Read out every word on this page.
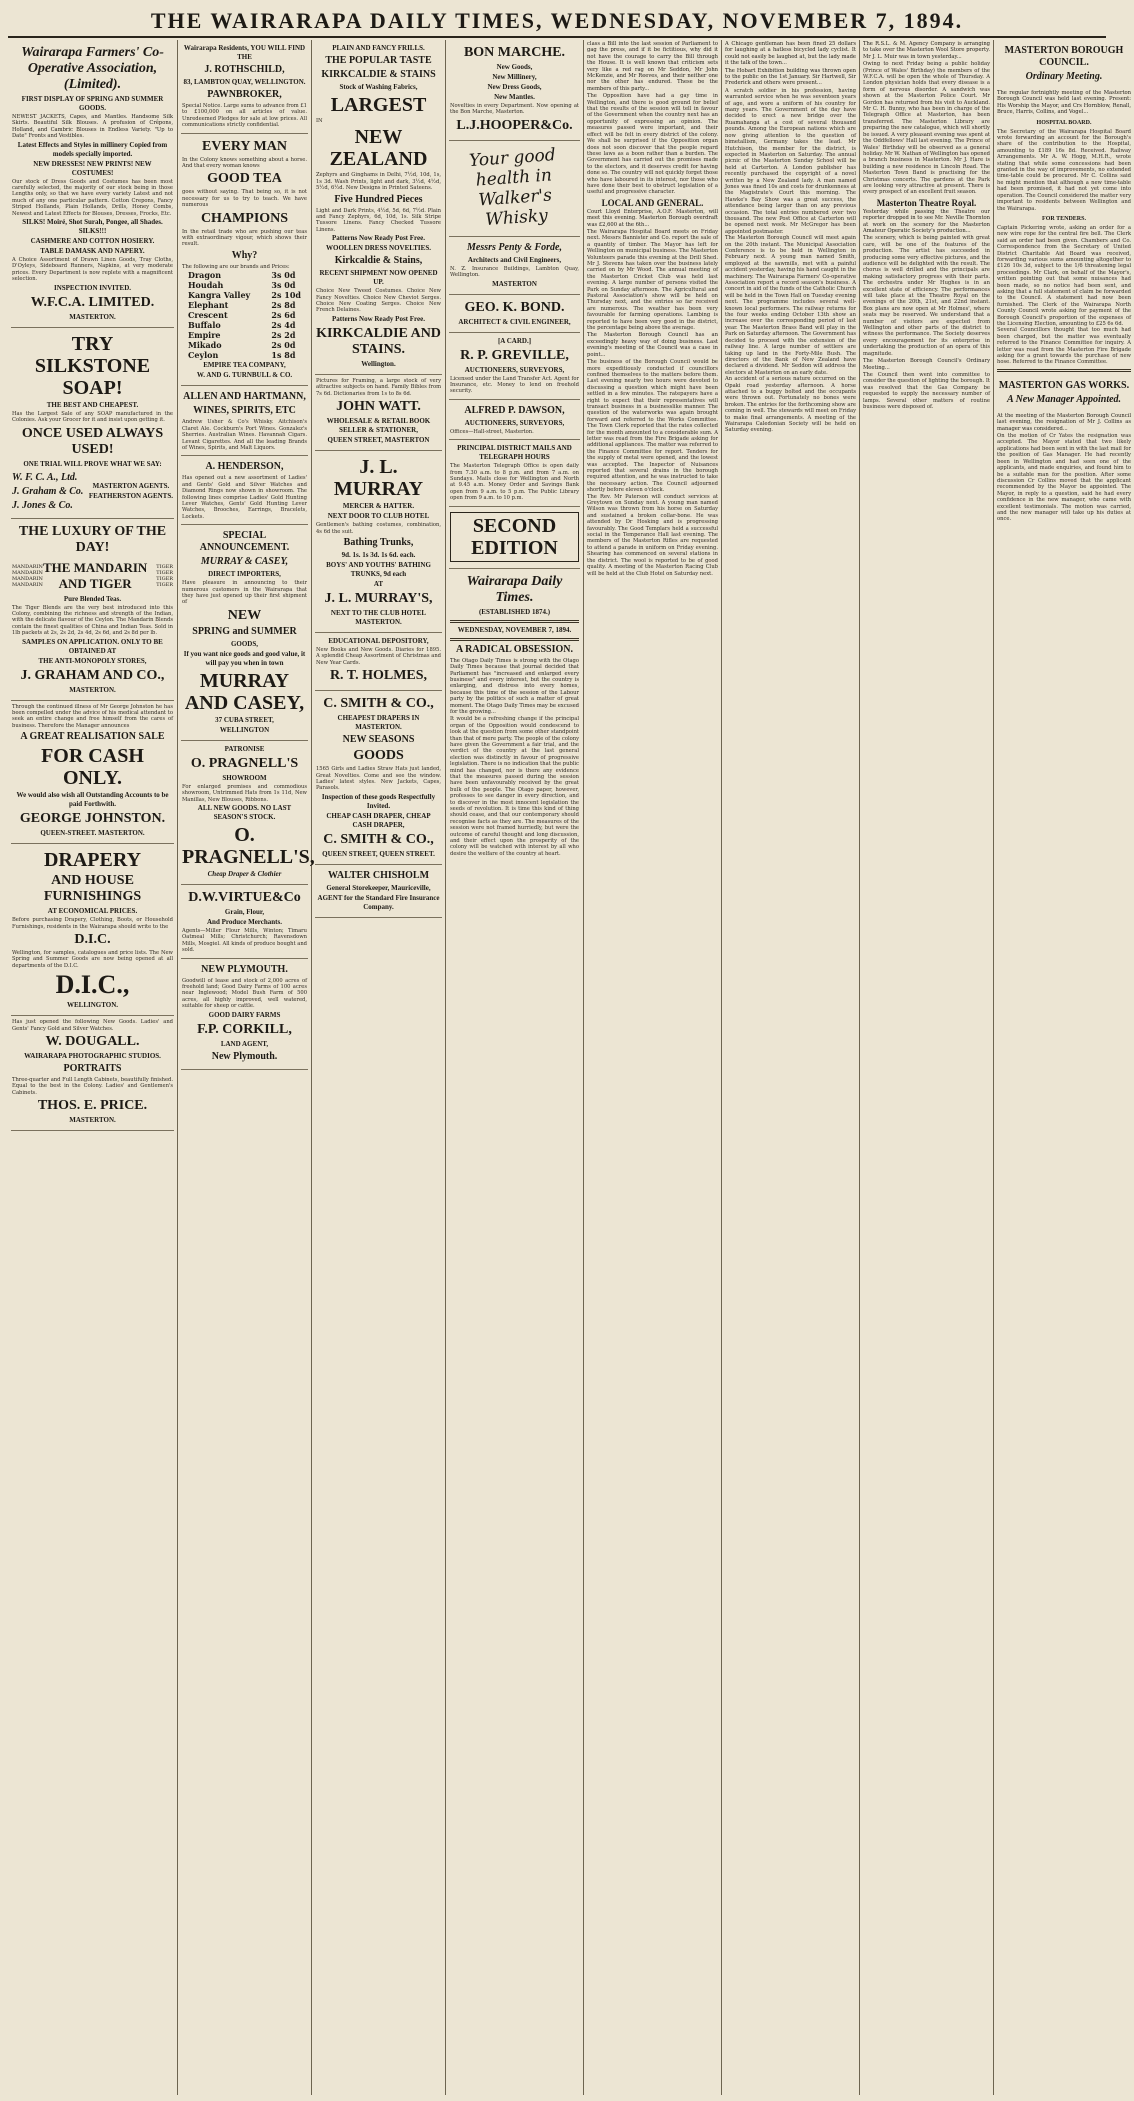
THE WAIRARAPA DAILY TIMES, WEDNESDAY, NOVEMBER 7, 1894.
Wairarapa Farmers' Co-Operative Association, (Limited).
FIRST DISPLAY OF SPRING AND SUMMER GOODS.
NEWEST JACKETS, Capes, and Mantles. Handsome Silk Skirts. Beautiful Silk Blouses. A profusion of Crêpons, Holland, and Cambric Blouses in Endless Variety. "Up to Date" Fronts and Vestibles.
Latest Effects and Styles in millinery Copied from models specially imported.
NEW DRESSES! NEW PRINTS! NEW COSTUMES!
Our stock of Dress Goods and Costumes has been most carefully selected, the majority of our stock being in those Lengths only, so that we have every variety Latest and not much of any one particular pattern. Cotton Crepons, Fancy Striped Hollands, Plain Hollands, Drills, Honey Combs, Newest and Latest Effects for Blouses, Dresses, Frocks, Etc.
SILKS! Moiré, Shot Surah, Pongee, all Shades. SILKS!!!
CASHMERE AND COTTON HOSIERY.
TABLE DAMASK AND NAPERY.
A Choice Assortment of Drawn Linen Goods, Tray Cloths, D'Oyleys, Sideboard Runners, Napkins, at very moderate prices. Every Department is now replete with a magnificent selection.
INSPECTION INVITED.
W.F.C.A. LIMITED.
MASTERTON.
TRY SILKSTONE SOAP!
THE BEST AND CHEAPEST.
Has the Largest Sale of any SOAP manufactured in the Colonies. Ask your Grocer for it and insist upon getting it.
ONCE USED ALWAYS USED!
ONE TRIAL WILL PROVE WHAT WE SAY:
W. F. C. A., Ltd.
J. Graham & Co.
J. Jones & Co.
MASTERTON AGENTS.
FEATHERSTON AGENTS.
THE LUXURY OF THE DAY!
MANDARIN
MANDARIN
MANDARIN
MANDARIN
THE MANDARIN AND TIGER
TIGER
TIGER
TIGER
TIGER
Pure Blended Teas.
The Tiger Blends are the very best introduced into this Colony, combining the richness and strength of the Indian, with the delicate flavour of the Ceylon. The Mandarin Blends contain the finest qualities of China and Indian Teas. Sold in 1lb packets at 2s, 2s 2d, 2s 4d, 2s 6d, and 2s 8d per lb.
SAMPLES ON APPLICATION. ONLY TO BE OBTAINED AT
THE ANTI-MONOPOLY STORES,
J. GRAHAM AND CO.,
MASTERTON.
Through the continued illness of Mr George Johnston he has been compelled under the advice of his medical attendant to seek an entire change and free himself from the cares of business. Therefore the Manager announces
A GREAT REALISATION SALE
FOR CASH ONLY.
We would also wish all Outstanding Accounts to be paid Forthwith.
GEORGE JOHNSTON.
QUEEN-STREET. MASTERTON.
DRAPERY
AND HOUSE FURNISHINGS
AT ECONOMICAL PRICES.
Before purchasing Drapery, Clothing, Boots, or Household Furnishings, residents in the Wairarapa should write to the
D.I.C.
Wellington, for samples, catalogues and price lists. The New Spring and Summer Goods are now being opened at all departments of the D.I.C.
D.I.C.,
WELLINGTON.
Has just opened the following New Goods. Ladies' and Gents' Fancy Gold and Silver Watches.
W. DOUGALL.
WAIRARAPA PHOTOGRAPHIC STUDIOS.
PORTRAITS
Three-quarter and Full Length Cabinets, beautifully finished. Equal to the best in the Colony. Ladies' and Gentlemen's Cabinets.
THOS. E. PRICE.
MASTERTON.
Wairarapa Residents, YOU WILL FIND THE
J. ROTHSCHILD,
83, LAMBTON QUAY, WELLINGTON.
PAWNBROKER,
Special Notice. Large sums to advance from £1 to £100,000 on all articles of value. Unredeemed Pledges for sale at low prices. All communications strictly confidential.
EVERY MAN
In the Colony knows something about a horse. And that every woman knows
GOOD TEA
goes without saying. That being so, it is not necessary for us to try to teach. We have numerous
CHAMPIONS
In the retail trade who are pushing our teas with extraordinary vigour, which shows their result.
Why?
The following are our brands and Prices:
Dragon	3s 0d
Houdah	3s 0d
Kangra Valley	2s 10d
Elephant	2s 8d
Crescent	2s 6d
Buffalo	2s 4d
Empire	2s 2d
Mikado	2s 0d
Ceylon	1s 8d
EMPIRE TEA COMPANY,
W. AND G. TURNBULL & CO.
ALLEN AND HARTMANN,
WINES, SPIRITS, ETC
Andrew Usher & Co's Whisky. Aitchison's Claret Ale. Cockburn's Port Wines. Gonzalez's Sherries. Australian Wines. Havannah Cigars. Levant Cigarettes. And all the leading Brands of Wines, Spirits, and Malt Liquors.
A. HENDERSON,
Has opened out a new assortment of Ladies' and Gents' Gold and Silver Watches and Diamond Rings now shown in showroom. The following lines comprise Ladies' Gold Hunting Lever Watches, Gents' Gold Hunting Lever Watches, Brooches, Earrings, Bracelets, Lockets.
SPECIAL ANNOUNCEMENT.
MURRAY & CASEY,
DIRECT IMPORTERS,
Have pleasure in announcing to their numerous customers in the Wairarapa that they have just opened up their first shipment of
NEW
SPRING and SUMMER
GOODS,
If you want nice goods and good value, it will pay you when in town
MURRAY AND CASEY,
37 CUBA STREET,
WELLINGTON
PATRONISE
O. PRAGNELL'S
SHOWROOM
For enlarged premises and commodious showroom, Untrimmed Hats from 1s 11d, New Manillas, New Blouses, Ribbons.
ALL NEW GOODS. NO LAST SEASON'S STOCK.
O. PRAGNELL'S,
Cheap Draper & Clothier
D.W.VIRTUE&Co
Grain, Flour,
And Produce Merchants.
Agents—Miller Flour Mills, Winton; Timaru Oatmeal Mills; Christchurch; Ravensdown Mills, Mosgiel. All kinds of produce bought and sold.
NEW PLYMOUTH.
Goodwill of lease and stock of 2,000 acres of freehold land; Good Dairy Farms of 100 acres near Inglewood; Model Bush Farm of 500 acres, all highly improved, well watered, suitable for sheep or cattle.
GOOD DAIRY FARMS
F.P. CORKILL,
LAND AGENT,
New Plymouth.
PLAIN AND FANCY FRILLS.
THE POPULAR TASTE
KIRKCALDIE & STAINS
Stock of Washing Fabrics,
LARGEST
IN
NEW ZEALAND
Zephyrs and Ginghams in Delhi, 7½d, 10d, 1s, 1s 3d. Wash Prints, light and dark, 3½d, 4½d, 5½d, 6½d. New Designs in Printed Sateens.
Five Hundred Pieces
Light and Dark Prints, 4½d, 5d, 6d, 7½d. Plain and Fancy Zephyrs, 6d, 10d, 1s. Silk Stripe Tussore Linens. Fancy Checked Tussore Linens.
Patterns Now Ready Post Free.
WOOLLEN DRESS NOVELTIES.
Kirkcaldie & Stains,
RECENT SHIPMENT NOW OPENED UP.
Choice New Tweed Costumes. Choice New Fancy Novelties. Choice New Cheviot Serges. Choice New Coating Serges. Choice New French Delaines.
Patterns Now Ready Post Free.
KIRKCALDIE AND STAINS.
Wellington.
Pictures for Framing, a large stock of very attractive subjects on hand. Family Bibles from 7s 6d. Dictionaries from 1s to 8s 6d.
JOHN WATT.
WHOLESALE & RETAIL BOOK SELLER & STATIONER,
QUEEN STREET, MASTERTON
J. L. MURRAY
MERCER & HATTER.
NEXT DOOR TO CLUB HOTEL
Gentlemen's bathing costumes, combination, 4s 6d the suit.
Bathing Trunks,
9d. 1s. 1s 3d. 1s 6d. each.
BOYS' AND YOUTHS' BATHING TRUNKS, 9d each
AT
J. L. MURRAY'S,
NEXT TO THE CLUB HOTEL MASTERTON.
EDUCATIONAL DEPOSITORY,
New Books and New Goods. Diaries for 1895. A splendid Cheap Assortment of Christmas and New Year Cards.
R. T. HOLMES,
C. SMITH & CO.,
CHEAPEST DRAPERS IN MASTERTON.
NEW SEASONS
GOODS
1565 Girls and Ladies Straw Hats just landed, Great Novelties. Come and see the window. Ladies' latest styles. New Jackets, Capes, Parasols.
Inspection of these goods Respectfully Invited.
CHEAP CASH DRAPER, CHEAP CASH DRAPER,
C. SMITH & CO.,
QUEEN STREET, QUEEN STREET.
WALTER CHISHOLM
General Storekeeper, Mauriceville,
AGENT for the Standard Fire Insurance Company.
BON MARCHE.
New Goods,
New Millinery,
New Dress Goods,
New Mantles.
Novelties in every Department. Now opening at the Bon Marche, Masterton.
L.J.HOOPER&Co.
Your good health in Walker's Whisky
Messrs Penty & Forde,
Architects and Civil Engineers,
N. Z. Insurance Buildings, Lambton Quay, Wellington.
MASTERTON
GEO. K. BOND.
ARCHITECT & CIVIL ENGINEER,
[A CARD.]
R. P. GREVILLE,
AUCTIONEERS, SURVEYORS,
Licensed under the Land Transfer Act. Agent for Insurance, etc. Money to lend on freehold security.
ALFRED P. DAWSON,
AUCTIONEERS, SURVEYORS,
Offices—Hall-street, Masterton.
PRINCIPAL DISTRICT MAILS AND TELEGRAPH HOURS
The Masterton Telegraph Office is open daily from 7.30 a.m. to 8 p.m. and from 7 a.m. on Sundays. Mails close for Wellington and North at 9.45 a.m. Money Order and Savings Bank open from 9 a.m. to 5 p.m. The Public Library open from 9 a.m. to 10 p.m.
SECOND EDITION
Wairarapa Daily Times.
(ESTABLISHED 1874.)
WEDNESDAY, NOVEMBER 7, 1894.
A RADICAL OBSESSION.
The Otago Daily Times is strong with the Otago Daily Times because that journal decided that Parliament has "increased and enlarged every business" and every interest, but the country is enlarging, and distress into every homes, because this time of the session of the Labour party by the politics of such a matter of great moment. The Otago Daily Times may be excused for the growing...
It would be a refreshing change if the principal organ of the Opposition would condescend to look at the question from some other standpoint than that of mere party. The people of the colony have given the Government a fair trial, and the verdict of the country at the last general election was distinctly in favour of progressive legislation. There is no indication that the public mind has changed, nor is there any evidence that the measures passed during the session have been unfavourably received by the great bulk of the people. The Otago paper, however, professes to see danger in every direction, and to discover in the most innocent legislation the seeds of revolution. It is time this kind of thing should cease, and that our contemporary should recognise facts as they are. The measures of the session were not framed hurriedly, but were the outcome of careful thought and long discussion, and their effect upon the prosperity of the colony will be watched with interest by all who desire the welfare of the country at heart.
class a Bill into the last session of Parliament to gag the press, and if it be fictitious, why did it not have the courage to carry the Bill through the House. It is well known that criticism sets very like a red rag on Mr Seddon, Mr John McKenzie, and Mr Reeves, and their neither one nor the other has endured. These be the members of this party...
The Opposition have had a gay time in Wellington, and there is good ground for belief that the results of the session will tell in favour of the Government when the country next has an opportunity of expressing an opinion. The measures passed were important, and their effect will be felt in every district of the colony. We shall be surprised if the Opposition organ does not soon discover that the people regard these laws as a boon rather than a burden. The Government has carried out the promises made to the electors, and it deserves credit for having done so. The country will not quickly forget those who have laboured in its interest, nor those who have done their best to obstruct legislation of a useful and progressive character.
LOCAL AND GENERAL.
Court Lloyd Enterprise, A.O.F. Masterton, will meet this evening. Masterton Borough overdraft was £2,600 at the 6th...
The Wairarapa Hospital Board meets on Friday next. Messrs Bannister and Co. report the sale of a quantity of timber. The Mayor has left for Wellington on municipal business. The Masterton Volunteers parade this evening at the Drill Shed. Mr J. Stevens has taken over the business lately carried on by Mr Wood. The annual meeting of the Masterton Cricket Club was held last evening. A large number of persons visited the Park on Sunday afternoon. The Agricultural and Pastoral Association's show will be held on Thursday next, and the entries so far received are numerous. The weather has been very favourable for farming operations. Lambing is reported to have been very good in the district, the percentage being above the average.
The Masterton Borough Council has an exceedingly heavy way of doing business. Last evening's meeting of the Council was a case in point...
The business of the Borough Council would be more expeditiously conducted if councillors confined themselves to the matters before them. Last evening nearly two hours were devoted to discussing a question which might have been settled in a few minutes. The ratepayers have a right to expect that their representatives will transact business in a businesslike manner. The question of the waterworks was again brought forward and referred to the Works Committee. The Town Clerk reported that the rates collected for the month amounted to a considerable sum. A letter was read from the Fire Brigade asking for additional appliances. The matter was referred to the Finance Committee for report. Tenders for the supply of metal were opened, and the lowest was accepted. The Inspector of Nuisances reported that several drains in the borough required attention, and he was instructed to take the necessary action. The Council adjourned shortly before eleven o'clock.
The Rev. Mr Paterson will conduct services at Greytown on Sunday next. A young man named Wilson was thrown from his horse on Saturday and sustained a broken collar-bone. He was attended by Dr Hosking and is progressing favourably. The Good Templars held a successful social in the Temperance Hall last evening. The members of the Masterton Rifles are requested to attend a parade in uniform on Friday evening. Shearing has commenced on several stations in the district. The wool is reported to be of good quality. A meeting of the Masterton Racing Club will be held at the Club Hotel on Saturday next.
A Chicago gentleman has been fined 25 dollars for laughing at a hatless bicycled lady cyclist. It could not easily be laughed at, but the lady made it the talk of the town...
The Hobart Exhibition building was thrown open to the public on the 1st January. Sir Hartwell, Sir Frederick and others were present...
A scratch soldier in his profession, having warranted service when he was seventeen years of age, and wore a uniform of his country for many years. The Government of the day have decided to erect a new bridge over the Ruamahanga at a cost of several thousand pounds. Among the European nations which are now giving attention to the question of bimetallism, Germany takes the lead. Mr Hutchison, the member for the district, is expected in Masterton on Saturday. The annual picnic of the Masterton Sunday School will be held at Carterton. A London publisher has recently purchased the copyright of a novel written by a New Zealand lady. A man named Jones was fined 10s and costs for drunkenness at the Magistrate's Court this morning. The Hawke's Bay Show was a great success, the attendance being larger than on any previous occasion. The total entries numbered over two thousand. The new Post Office at Carterton will be opened next week. Mr McGregor has been appointed postmaster.
The Masterton Borough Council will meet again on the 20th instant. The Municipal Association Conference is to be held in Wellington in February next. A young man named Smith, employed at the sawmills, met with a painful accident yesterday, having his hand caught in the machinery. The Wairarapa Farmers' Co-operative Association report a record season's business. A concert in aid of the funds of the Catholic Church will be held in the Town Hall on Tuesday evening next. The programme includes several well-known local performers. The railway returns for the four weeks ending October 13th show an increase over the corresponding period of last year. The Masterton Brass Band will play in the Park on Saturday afternoon. The Government has decided to proceed with the extension of the railway line. A large number of settlers are taking up land in the Forty-Mile Bush. The directors of the Bank of New Zealand have declared a dividend. Mr Seddon will address the electors at Masterton on an early date.
An accident of a serious nature occurred on the Opaki road yesterday afternoon. A horse attached to a buggy bolted and the occupants were thrown out. Fortunately no bones were broken. The entries for the forthcoming show are coming in well. The stewards will meet on Friday to make final arrangements. A meeting of the Wairarapa Caledonian Society will be held on Saturday evening.
The R.S.L. & M. Agency Company is arranging to take over the Masterton Wool Store property. Mr J. L. Muir was in town yesterday...
Owing to next Friday being a public holiday (Prince of Wales' Birthday) the members of the W.F.C.A. will be open the whole of Thursday. A London physician holds that every disease is a form of nervous disorder. A sandwich was shown at the Masterton Police Court. Mr Gordon has returned from his visit to Auckland. Mr C. H. Bunny, who has been in charge of the Telegraph Office at Masterton, has been transferred. The Masterton Library are preparing the new catalogue, which will shortly be issued. A very pleasant evening was spent at the Oddfellows' Hall last evening. The Prince of Wales' Birthday will be observed as a general holiday. Mr W. Nathan of Wellington has opened a branch business in Masterton. Mr J. Hare is building a new residence in Lincoln Road. The Masterton Town Band is practising for the Christmas concerts. The gardens at the Park are looking very attractive at present. There is every prospect of an excellent fruit season.
Masterton Theatre Royal.
Yesterday while passing the Theatre our reporter dropped in to see Mr. Neville Thornton at work on the scenery for the Masterton Amateur Operatic Society's production...
The scenery, which is being painted with great care, will be one of the features of the production. The artist has succeeded in producing some very effective pictures, and the audience will be delighted with the result. The chorus is well drilled and the principals are making satisfactory progress with their parts. The orchestra under Mr Hughes is in an excellent state of efficiency. The performances will take place at the Theatre Royal on the evenings of the 20th, 21st, and 22nd instant. Box plans are now open at Mr Holmes', where seats may be reserved. We understand that a number of visitors are expected from Wellington and other parts of the district to witness the performance. The Society deserves every encouragement for its enterprise in undertaking the production of an opera of this magnitude.
The Masterton Borough Council's Ordinary Meeting...
The Council then went into committee to consider the question of lighting the borough. It was resolved that the Gas Company be requested to supply the necessary number of lamps. Several other matters of routine business were disposed of.
MASTERTON BOROUGH COUNCIL.
Ordinary Meeting.
The regular fortnightly meeting of the Masterton Borough Council was held last evening. Present: His Worship the Mayor, and Crs Hornblow, Renall, Bruce, Harris, Collins, and Vogel...
HOSPITAL BOARD.
The Secretary of the Wairarapa Hospital Board wrote forwarding an account for the Borough's share of the contribution to the Hospital, amounting to £189 16s 8d. Received. Railway Arrangements. Mr A. W. Hogg, M.H.R., wrote stating that while some concessions had been granted in the way of improvements, no extended time-table could be procured. Mr C. Collins said he might mention that although a new time-table had been promised, it had not yet come into operation. The Council considered the matter very important to residents between Wellington and the Wairarapa.
FOR TENDERS.
Captain Pickering wrote, asking an order for a new wire rope for the central fire bell. The Clerk said an order had been given. Chambers and Co. Correspondence from the Secretary of United District Charitable Aid Board was received, forwarding various sums amounting altogether to £126 10s 3d, subject to the 1/6 threatening legal proceedings. Mr Clark, on behalf of the Mayor's, written pointing out that some nuisances had been made, so no notice had been sent, and asking that a full statement of claim be forwarded to the Council. A statement had now been furnished. The Clerk of the Wairarapa North County Council wrote asking for payment of the Borough Council's proportion of the expenses of the Licensing Election, amounting to £25 6s 6d.
Several Councillors thought that too much had been charged, but the matter was eventually referred to the Finance Committee for inquiry. A letter was read from the Masterton Fire Brigade asking for a grant towards the purchase of new hose. Referred to the Finance Committee.
MASTERTON GAS WORKS.
A New Manager Appointed.
At the meeting of the Masterton Borough Council last evening, the resignation of Mr J. Collins as manager was considered...
On the motion of Cr Yates the resignation was accepted. The Mayor stated that two likely applications had been sent in with the last mail for the position of Gas Manager. He had recently been in Wellington and had seen one of the applicants, and made enquiries, and found him to be a suitable man for the position. After some discussion Cr Collins moved that the applicant recommended by the Mayor be appointed. The Mayor, in reply to a question, said he had every confidence in the new manager, who came with excellent testimonials. The motion was carried, and the new manager will take up his duties at once.
